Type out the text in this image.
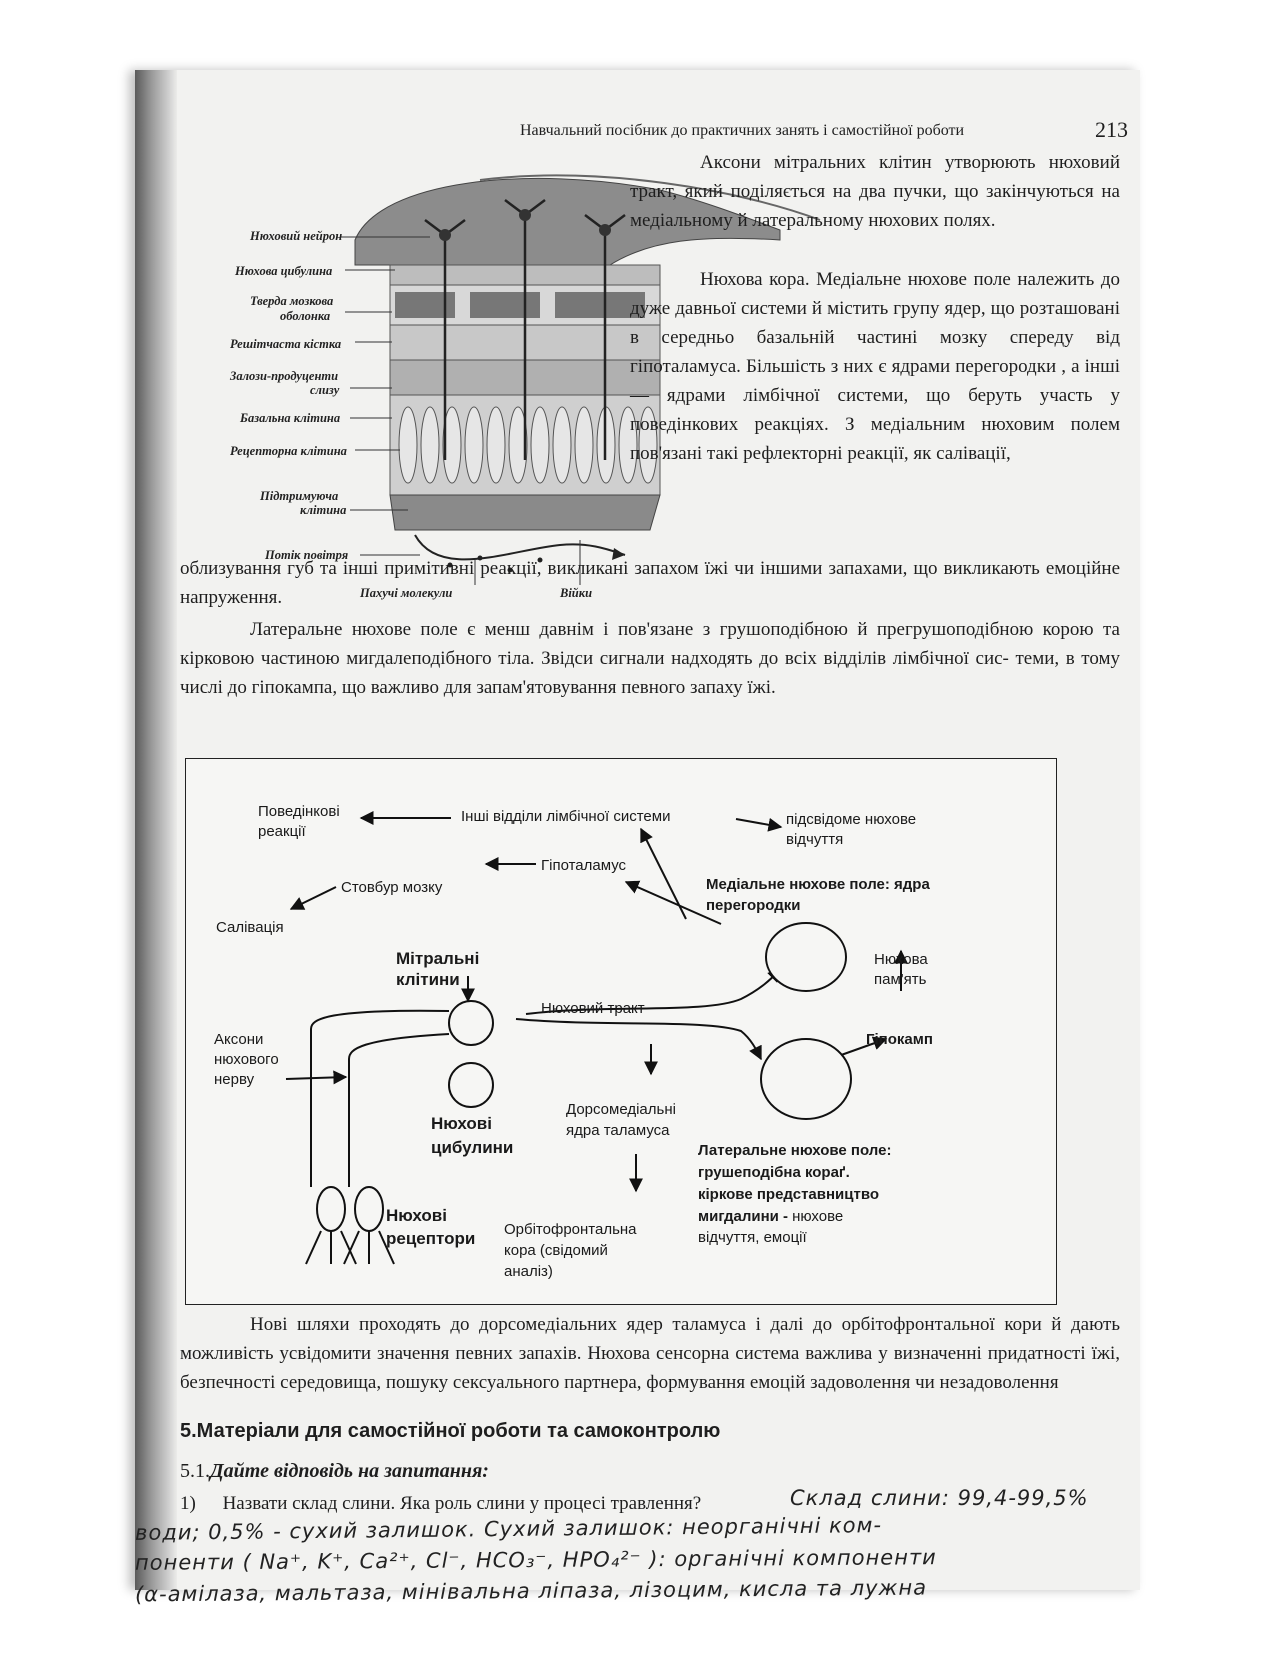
Навчальний посібник до практичних занять і самостійної роботи	213
Нюховий нейрон
Нюхова цибулина
Тверда мозкова
оболонка
Решітчаста кістка
Залози-продуценти
слизу
Базальна клітина
Рецепторна клітина
Підтримуюча
клітина
Потік повітря
Пахучі молекули	Війки
Аксони мітральних клітин утворюють нюховий тракт, який поділяється на два пучки, що закінчуються на медіальному й латеральному нюхових полях.
Нюхова кора. Медіальне нюхове поле належить до дуже давньої системи й містить групу ядер, що розташовані в середньо базальній частині мозку спереду від гіпоталамуса. Більшість з них є ядрами перегородки , а інші — ядрами лімбічної системи, що беруть участь у поведінкових реакціях. З медіальним нюховим полем пов'язані такі рефлекторні реакції, як салівації,
облизування губ та інші примітивні реакції, викликані запахом їжі чи іншими запахами, що викликають емоційне напруження.
Латеральне нюхове поле є менш давнім і пов'язане з грушоподібною й прегрушоподібною корою та кірковою частиною мигдалеподібного тіла. Звідси сигнали надходять до всіх відділів лімбічної сис- теми, в тому числі до гіпокампа, що важливо для запам'ятовування певного запаху їжі.
Поведінкові
реакції
Інші відділи лімбічної системи	підсвідоме нюхове
відчуття
Гіпоталамус
Стовбур мозку
Салівація
Медіальне нюхове поле: ядра
перегородки
Мітральні
клітини
Нюхова
пам'ять
Нюховий тракт
Аксони
нюхового
нерву
Гіпокамп
Дорсомедіальні
ядра таламуса
Нюхові
цибулини	Латеральне нюхове поле:
грушеподібна кораґ.
кіркове представництво
мигдалини - нюхове
відчуття, емоції
Нюхові
рецептори Орбітофронтальна
кора (свідомий
аналіз)
Нові шляхи проходять до дорсомедіальних ядер таламуса і далі до орбітофронтальної кори й дають можливість усвідомити значення певних запахів. Нюхова сенсорна система важлива у визначенні придатності їжі, безпечності середовища, пошуку сексуального партнера, формування емоцій задоволення чи незадоволення
5.Матеріали для самостійної роботи та самоконтролю
5.1.Дайте відповідь на запитання:
1) Назвати склад слини. Яка роль слини у процесі травлення?	Склад слини: 99,4-99,5%
води; 0,5% - сухий залишок. Сухий залишок: неорганічні ком-
поненти ( Na⁺, K⁺, Ca²⁺, Cl⁻, HCO₃⁻, HPO₄²⁻ ): органічні компоненти
(α-амілаза, мальтаза, мінівальна ліпаза, лізоцим, кисла та лужна
